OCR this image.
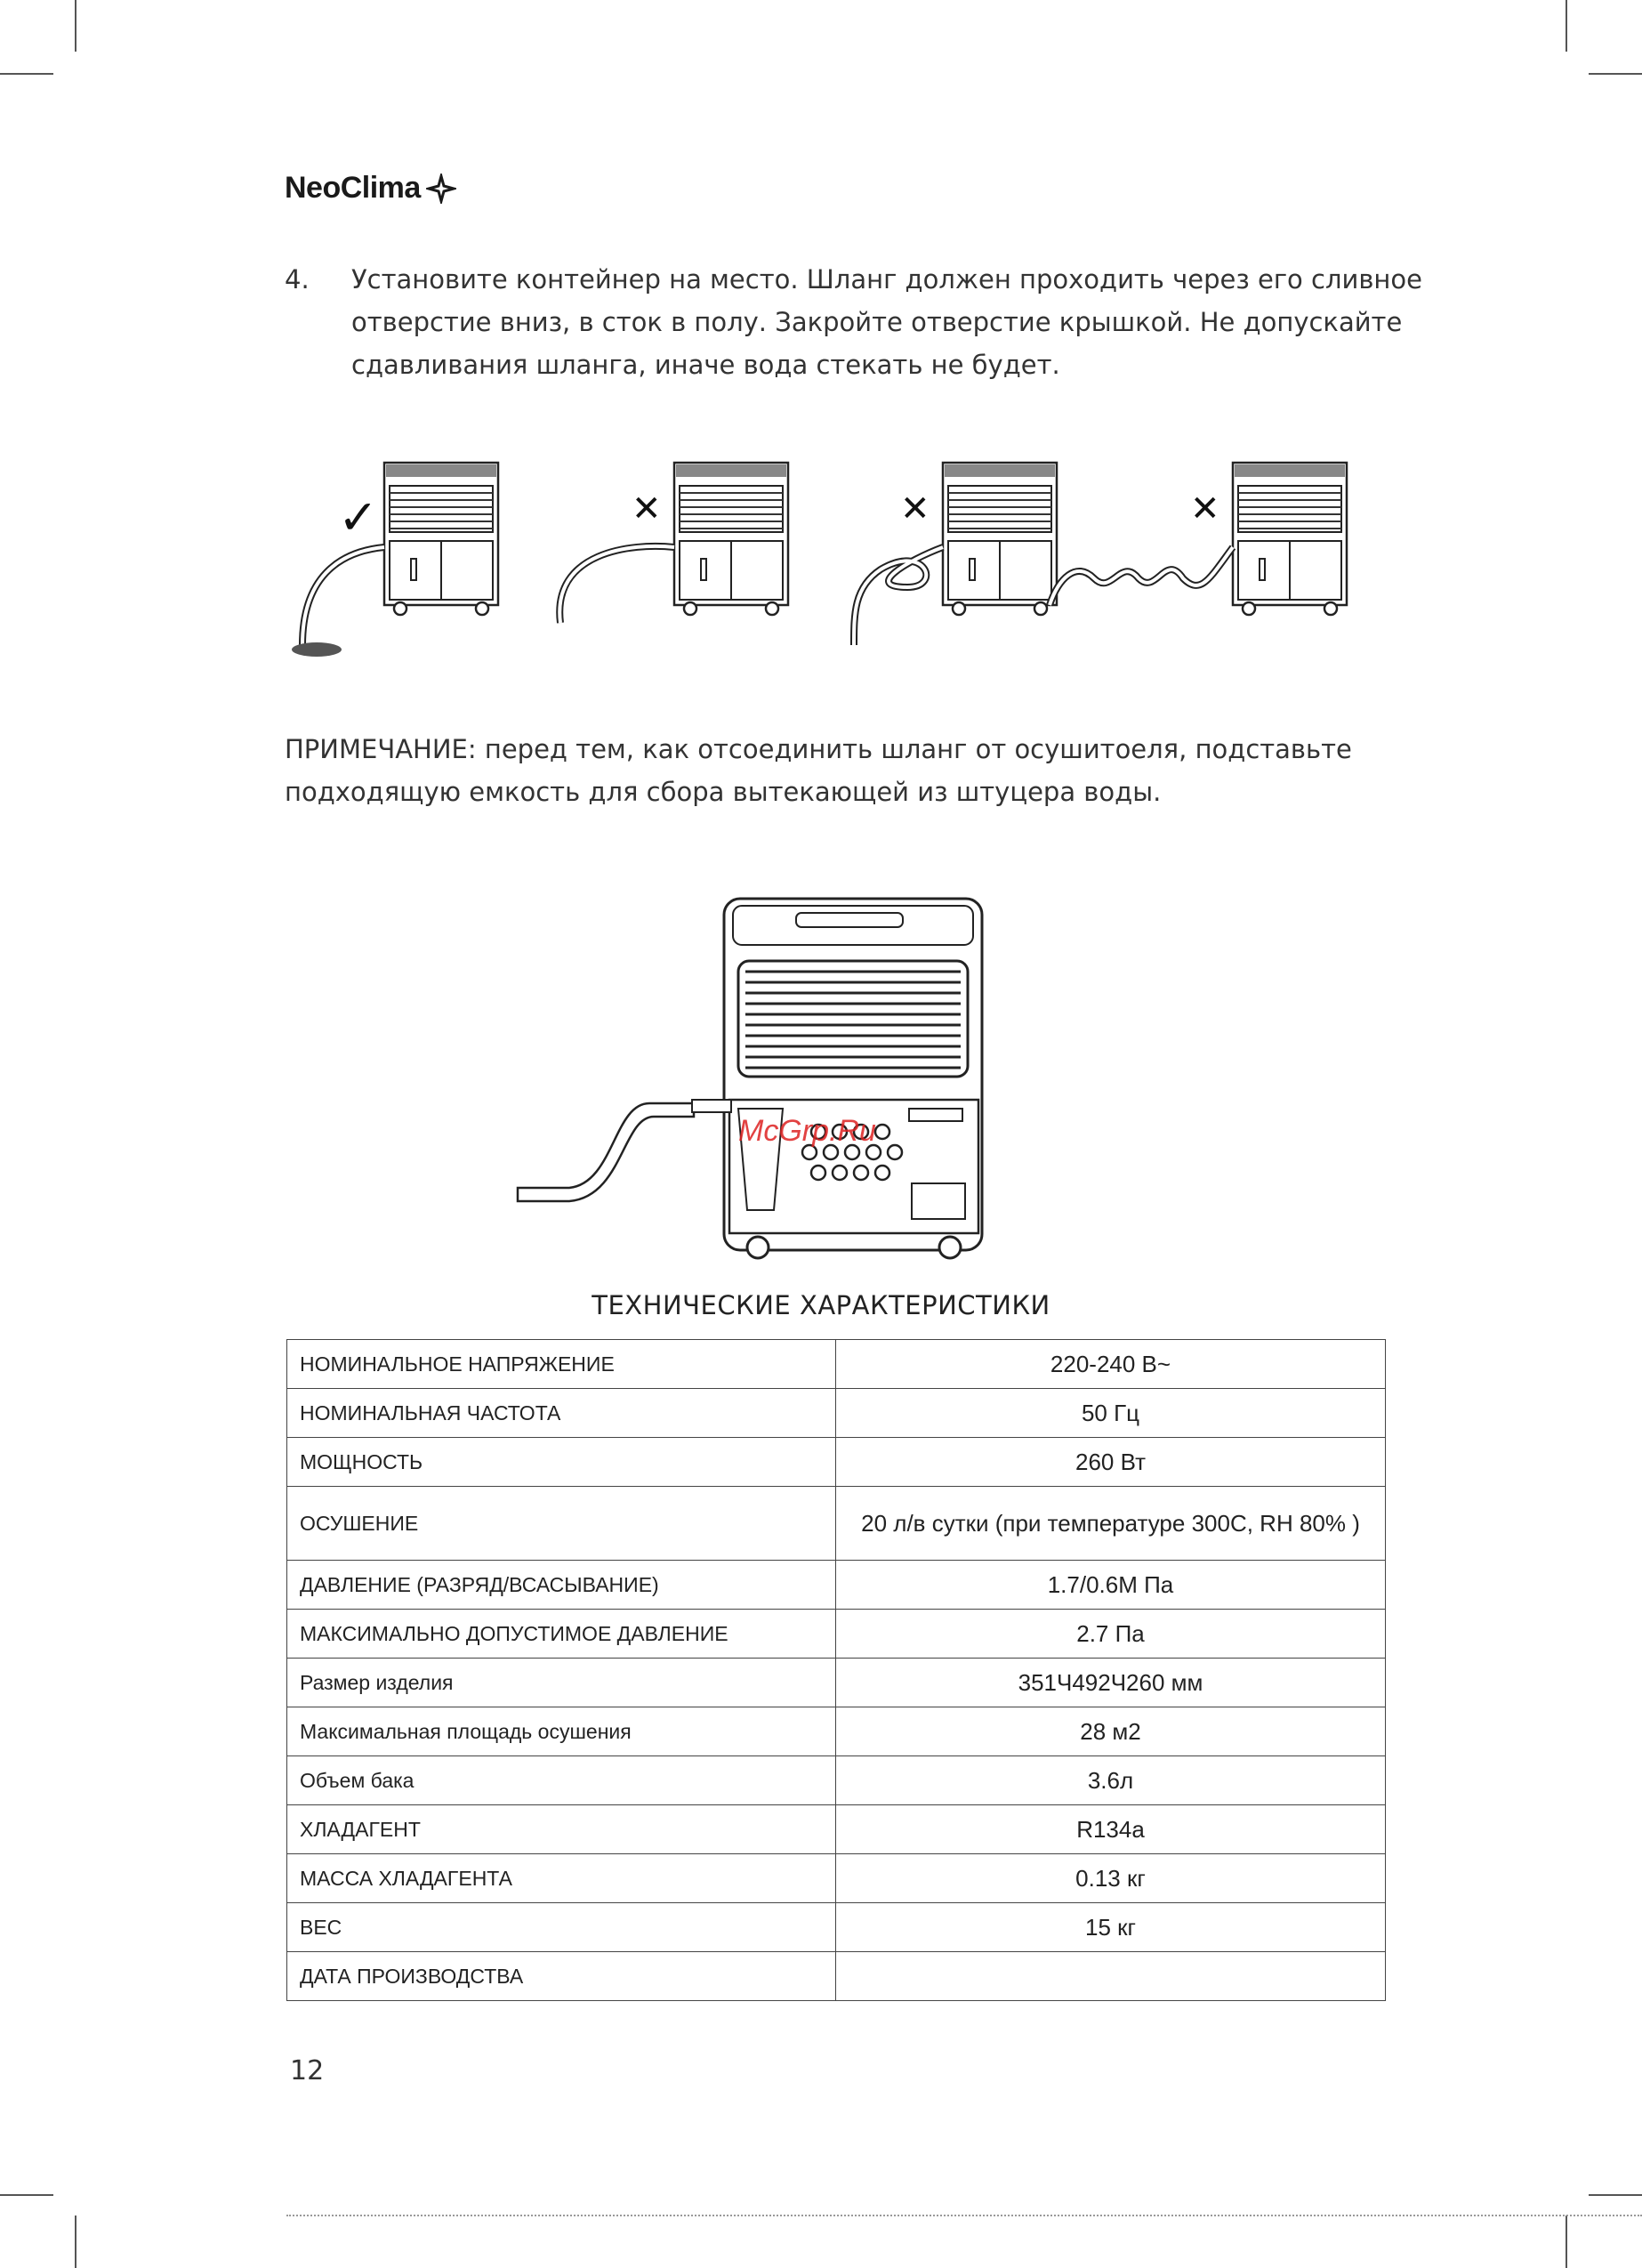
NeoClima
4. Установите контейнер на место. Шланг должен проходить через его сливное отверстие вниз, в сток в полу. Закройте отверстие крышкой. Не допускайте сдавливания шланга, иначе вода стекать не будет.
✓	✕	✕	✕
ПРИМЕЧАНИЕ: перед тем, как отсоединить шланг от осушитоеля, подставьте подходящую емкость для сбора вытекающей из штуцера воды.
McGrp.Ru
ТЕХНИЧЕСКИЕ ХАРАКТЕРИСТИКИ
НОМИНАЛЬНОЕ НАПРЯЖЕНИЕ	220-240 В~
НОМИНАЛЬНАЯ ЧАСТОТА	50 Гц
МОЩНОСТЬ	260 Вт
ОСУШЕНИЕ	20 л/в сутки (при температуре 300С, RH 80% )
ДАВЛЕНИЕ (РАЗРЯД/ВСАСЫВАНИЕ)	1.7/0.6М Па
МАКСИМАЛЬНО ДОПУСТИМОЕ ДАВЛЕНИЕ	2.7 Па
Размер изделия	351Ч492Ч260 мм
Максимальная площадь осушения	28 м2
Объем бака	3.6л
ХЛАДАГЕНТ	R134a
МАССА ХЛАДАГЕНТА	0.13 кг
ВЕС	15 кг
ДАТА ПРОИЗВОДСТВА	
12
